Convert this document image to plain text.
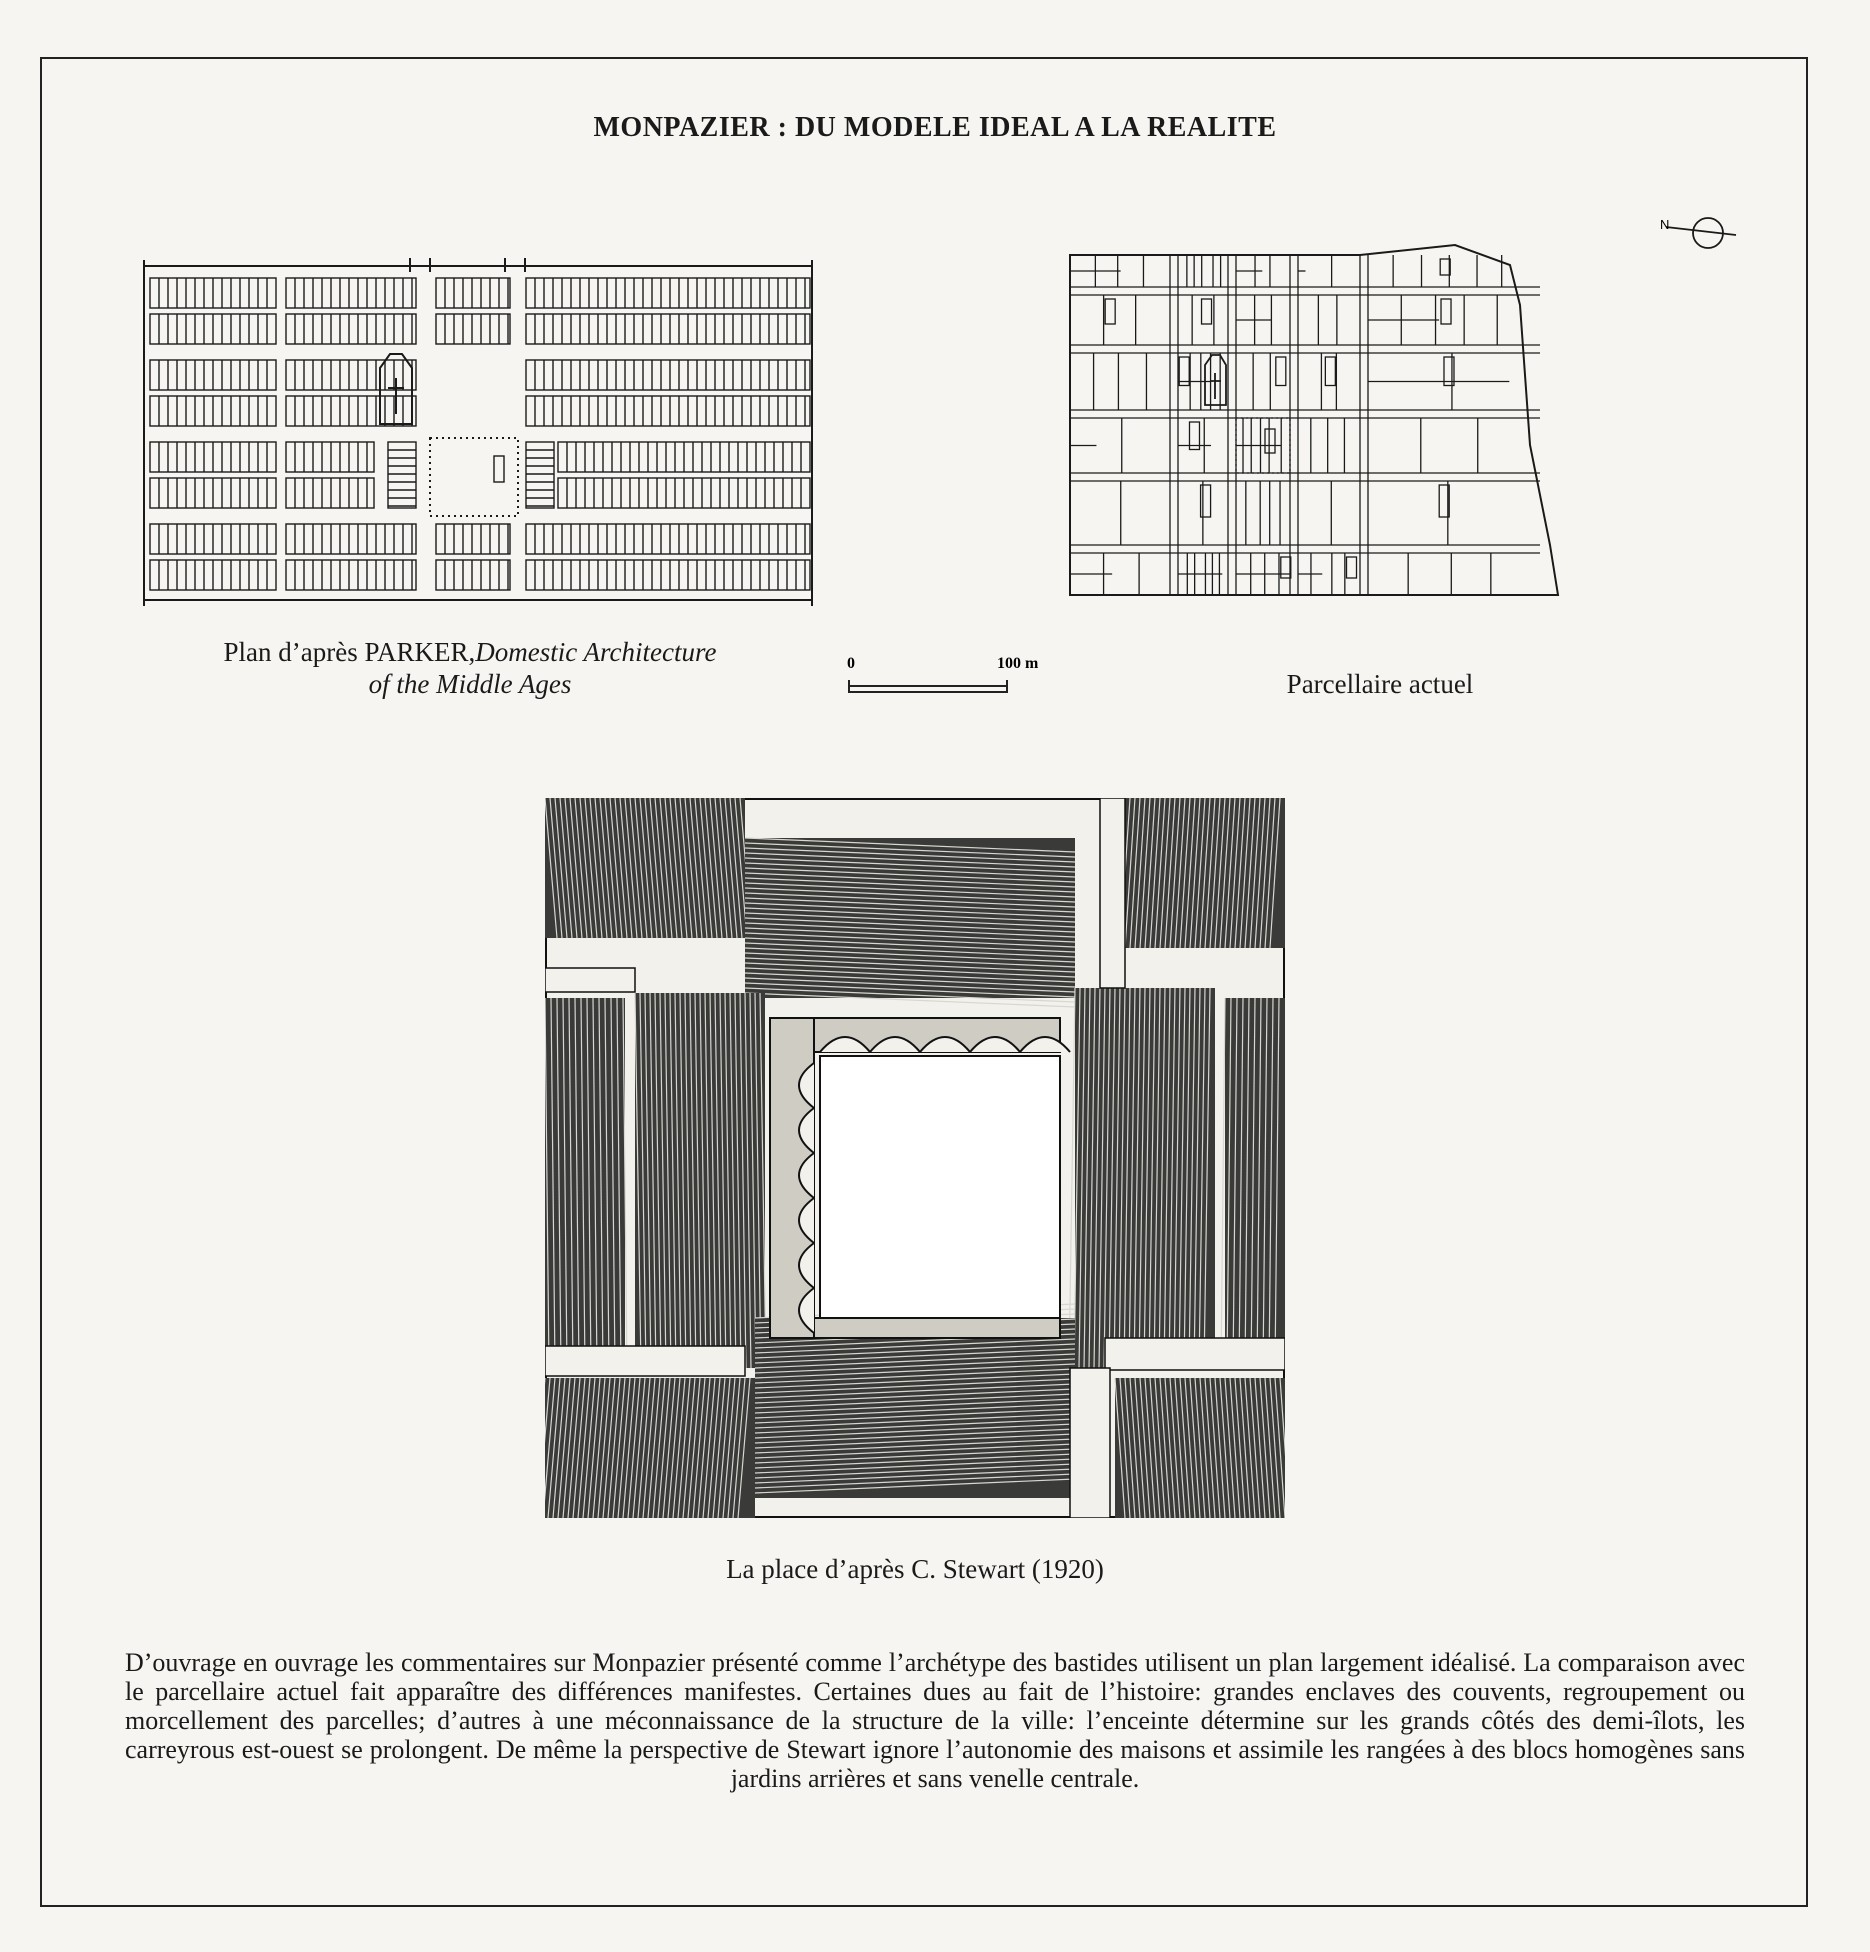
MONPAZIER : DU MODELE IDEAL A LA REALITE
Plan d’après PARKER,Domestic Architecture
of the Middle Ages
0	100 m
N
Parcellaire actuel
La place d’après C. Stewart (1920)
D’ouvrage en ouvrage les commentaires sur Monpazier présenté comme l’archétype des bastides utilisent un plan largement idéalisé. La comparaison avec le parcellaire actuel fait apparaître des différences manifestes. Certaines dues au fait de l’histoire: grandes enclaves des couvents, regroupement ou morcellement des parcelles; d’autres à une méconnaissance de la structure de la ville: l’enceinte détermine sur les grands côtés des demi-îlots, les carreyrous est-ouest se prolongent. De même la perspective de Stewart ignore l’autonomie des maisons et assimile les rangées à des blocs homogènes sans jardins arrières et sans venelle centrale.
